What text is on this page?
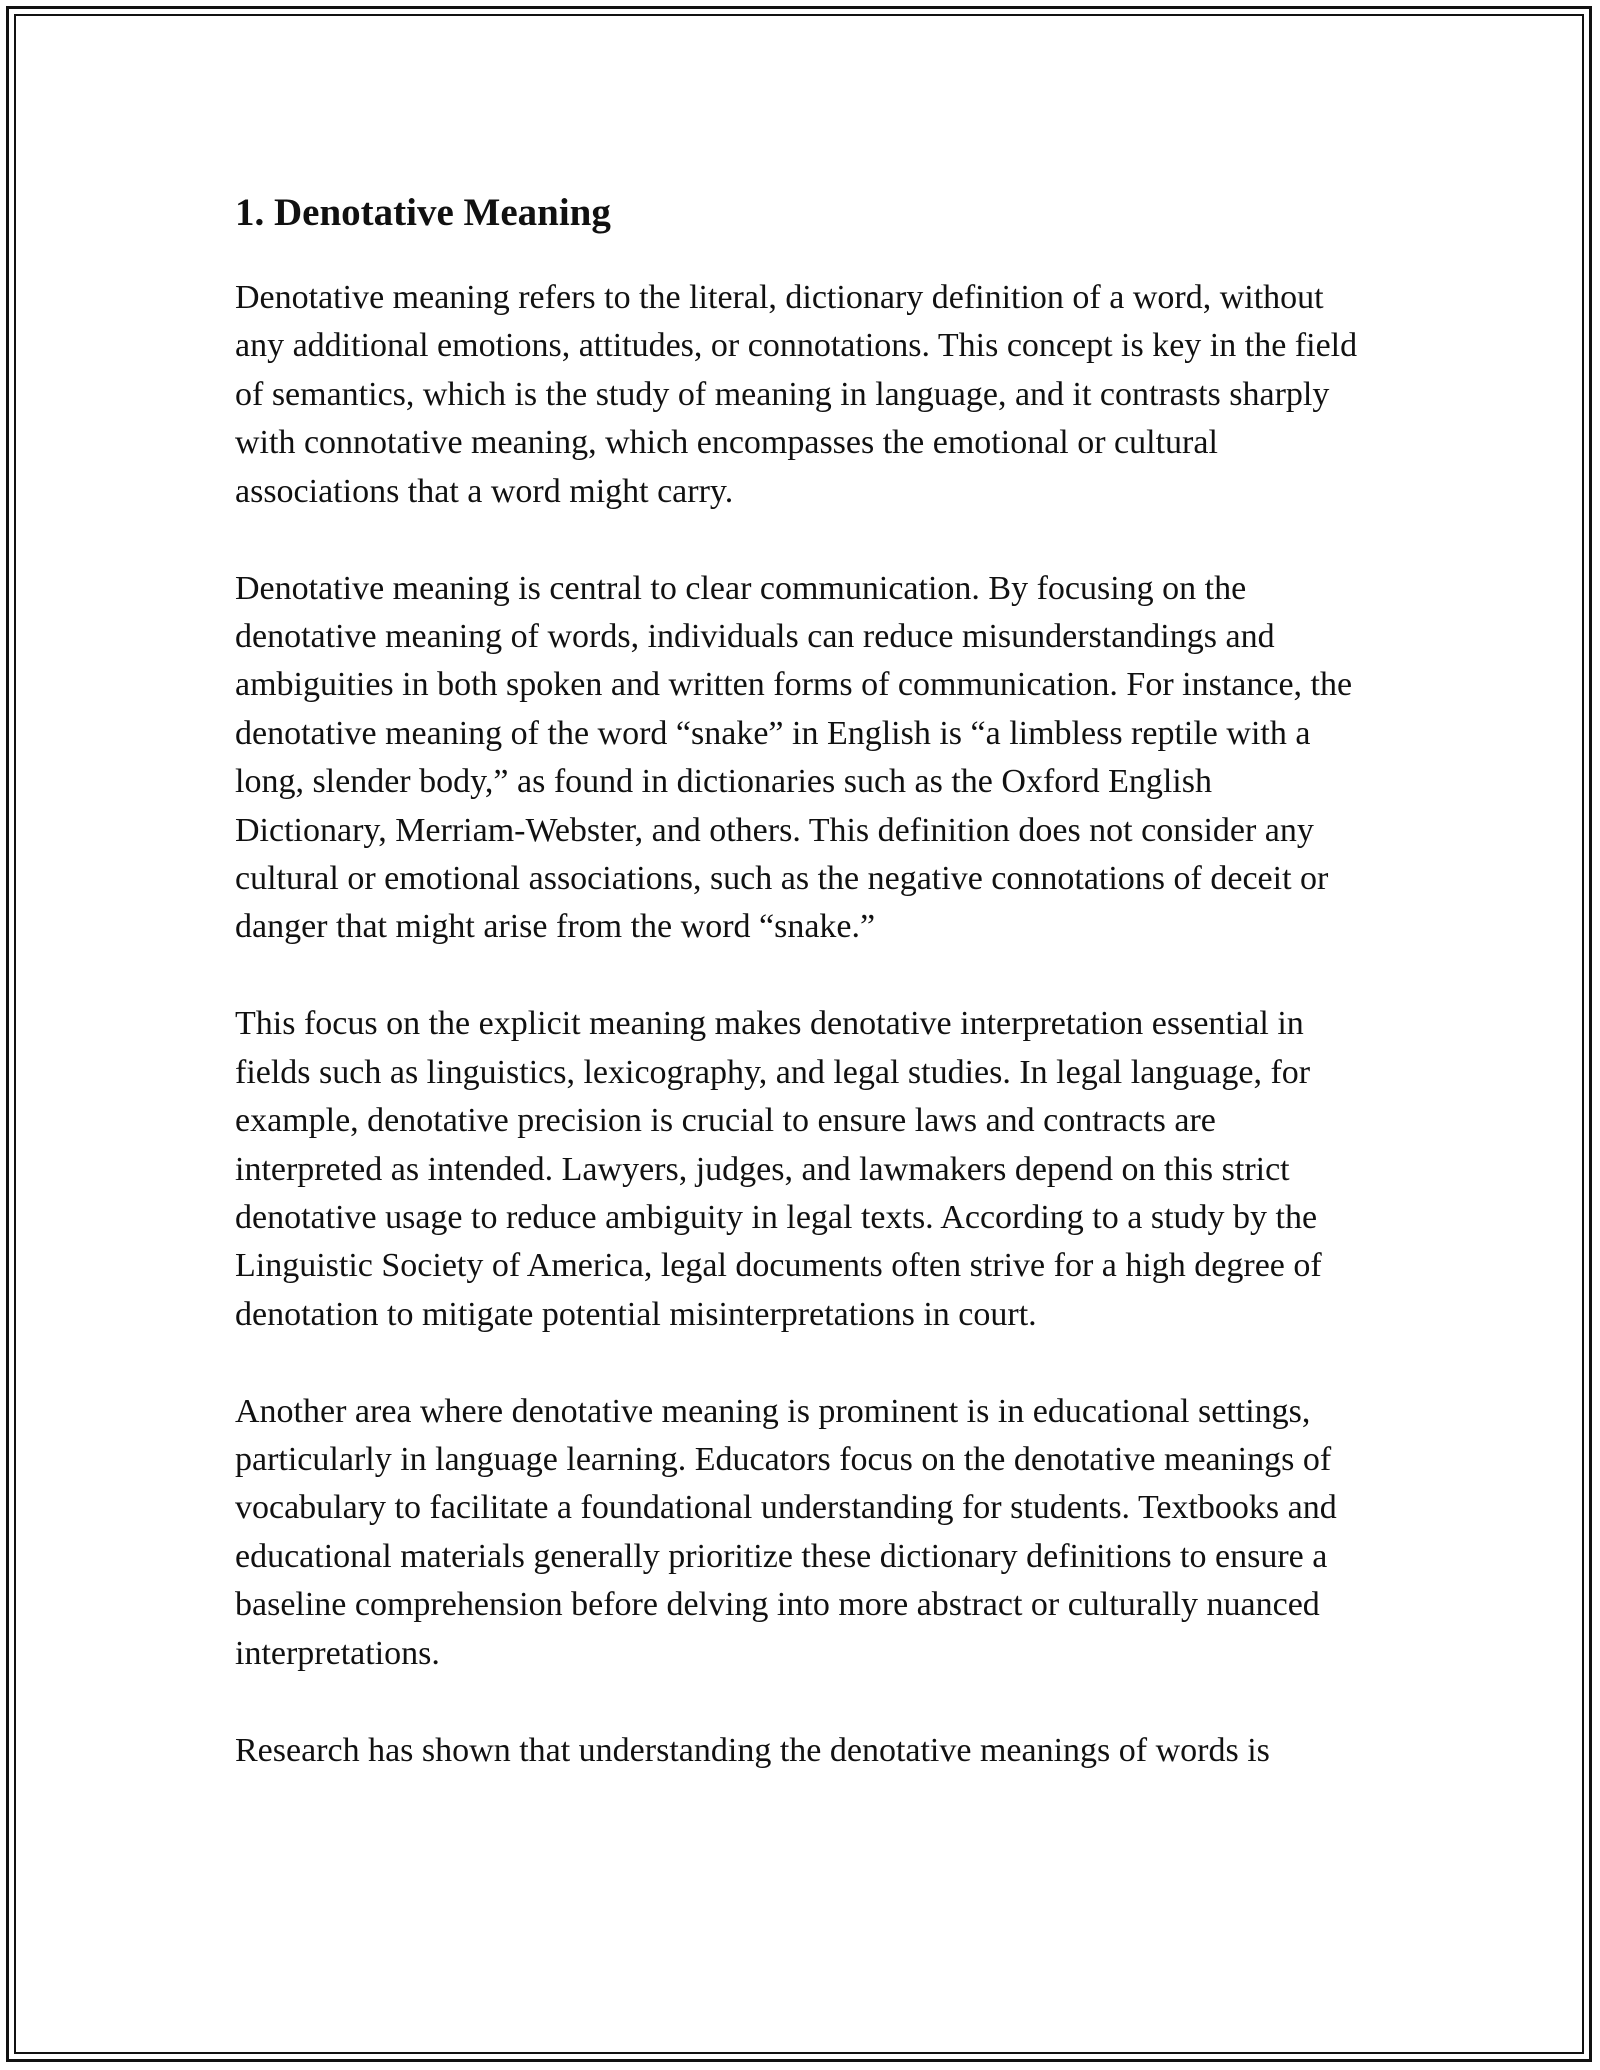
1. Denotative Meaning

Denotative meaning refers to the literal, dictionary definition of a word, without any additional emotions, attitudes, or connotations. This concept is key in the field of semantics, which is the study of meaning in language, and it contrasts sharply with connotative meaning, which encompasses the emotional or cultural associations that a word might carry.

Denotative meaning is central to clear communication. By focusing on the denotative meaning of words, individuals can reduce misunderstandings and ambiguities in both spoken and written forms of communication. For instance, the denotative meaning of the word “snake” in English is “a limbless reptile with a long, slender body,” as found in dictionaries such as the Oxford English Dictionary, Merriam-Webster, and others. This definition does not consider any cultural or emotional associations, such as the negative connotations of deceit or danger that might arise from the word “snake.”

This focus on the explicit meaning makes denotative interpretation essential in fields such as linguistics, lexicography, and legal studies. In legal language, for example, denotative precision is crucial to ensure laws and contracts are interpreted as intended. Lawyers, judges, and lawmakers depend on this strict denotative usage to reduce ambiguity in legal texts. According to a study by the Linguistic Society of America, legal documents often strive for a high degree of denotation to mitigate potential misinterpretations in court.

Another area where denotative meaning is prominent is in educational settings, particularly in language learning. Educators focus on the denotative meanings of vocabulary to facilitate a foundational understanding for students. Textbooks and educational materials generally prioritize these dictionary definitions to ensure a baseline comprehension before delving into more abstract or culturally nuanced interpretations.

Research has shown that understanding the denotative meanings of words is
